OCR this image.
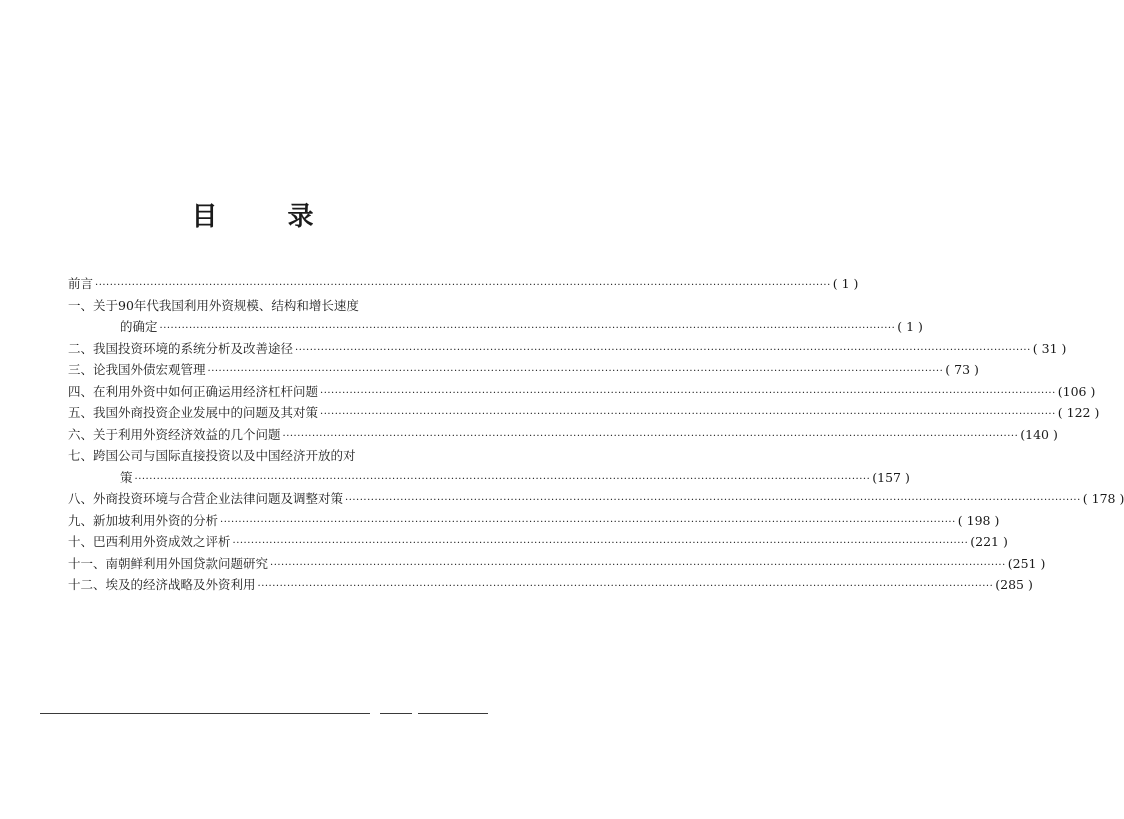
目　录
前言 ········································································································································································································ ( 1 )
一、关于90年代我国利用外资规模、结构和增长速度
的确定 ········································································································································································································ ( 1 )
二、我国投资环境的系统分析及改善途径 ········································································································································································································ ( 31 )
三、论我国外债宏观管理 ········································································································································································································ ( 73 )
四、在利用外资中如何正确运用经济杠杆问题 ········································································································································································································ (106 )
五、我国外商投资企业发展中的问题及其对策 ········································································································································································································ ( 122 )
六、关于利用外资经济效益的几个问题 ········································································································································································································ (140 )
七、跨国公司与国际直接投资以及中国经济开放的对
策 ········································································································································································································ (157 )
八、外商投资环境与合营企业法律问题及调整对策 ········································································································································································································ ( 178 )
九、新加坡利用外资的分析 ········································································································································································································ ( 198 )
十、巴西利用外资成效之评析 ········································································································································································································ (221 )
十一、南朝鲜利用外国贷款问题研究 ········································································································································································································ (251 )
十二、埃及的经济战略及外资利用 ········································································································································································································ (285 )
